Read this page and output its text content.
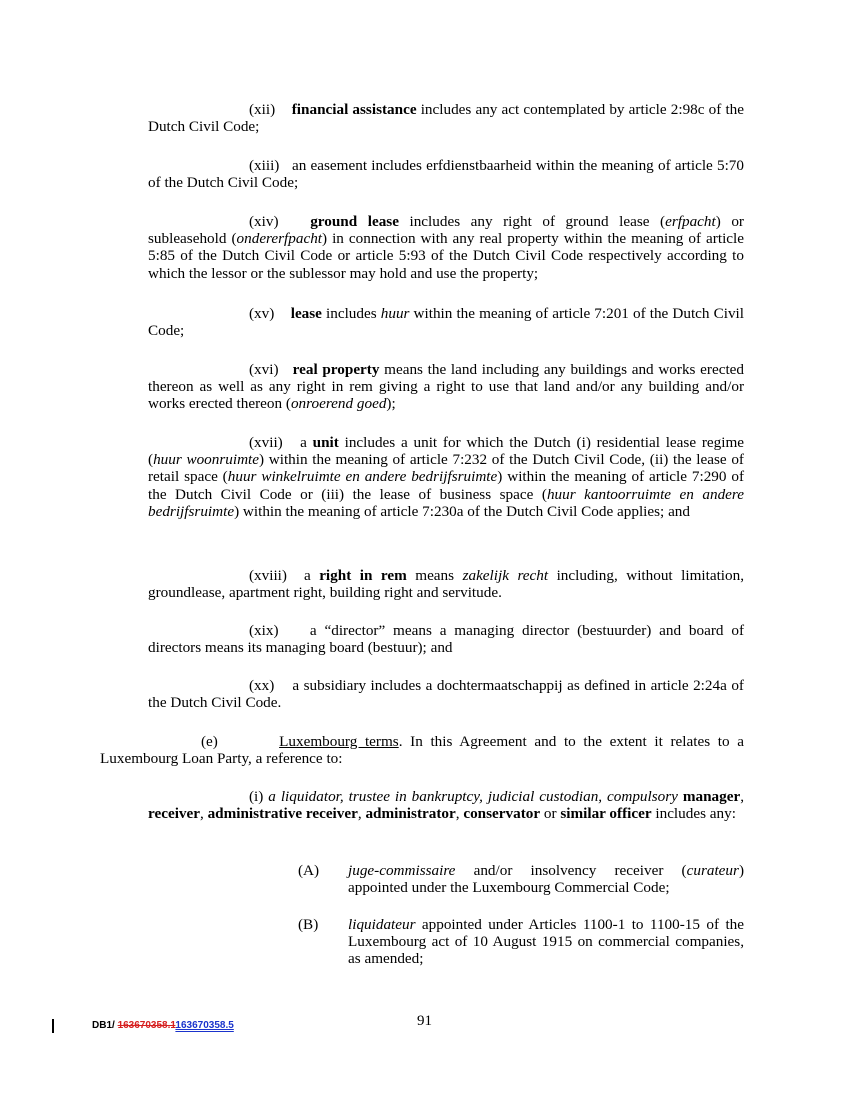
(xii) financial assistance includes any act contemplated by article 2:98c of the Dutch Civil Code;

(xiii) an easement includes erfdienstbaarheid within the meaning of article 5:70 of the Dutch Civil Code;

(xiv) ground lease includes any right of ground lease (erfpacht) or subleasehold (ondererfpacht) in connection with any real property within the meaning of article 5:85 of the Dutch Civil Code or article 5:93 of the Dutch Civil Code respectively according to which the lessor or the sublessor may hold and use the property;

(xv) lease includes huur within the meaning of article 7:201 of the Dutch Civil Code;

(xvi) real property means the land including any buildings and works erected thereon as well as any right in rem giving a right to use that land and/or any building and/or works erected thereon (onroerend goed);

(xvii) a unit includes a unit for which the Dutch (i) residential lease regime (huur woonruimte) within the meaning of article 7:232 of the Dutch Civil Code, (ii) the lease of retail space (huur winkelruimte en andere bedrijfsruimte) within the meaning of article 7:290 of the Dutch Civil Code or (iii) the lease of business space (huur kantoorruimte en andere bedrijfsruimte) within the meaning of article 7:230a of the Dutch Civil Code applies; and

(xviii) a right in rem means zakelijk recht including, without limitation, groundlease, apartment right, building right and servitude.

(xix) a “director” means a managing director (bestuurder) and board of directors means its managing board (bestuur); and

(xx) a subsidiary includes a dochtermaatschappij as defined in article 2:24a of the Dutch Civil Code.

(e)	Luxembourg terms. In this Agreement and to the extent it relates to a Luxembourg Loan Party, a reference to:

(i) a liquidator, trustee in bankruptcy, judicial custodian, compulsory manager, receiver, administrative receiver, administrator, conservator or similar officer includes any:

(A)	juge-commissaire and/or insolvency receiver (curateur) appointed under the Luxembourg Commercial Code;
(B)	liquidateur appointed under Articles 1100-1 to 1100-15 of the Luxembourg act of 10 August 1915 on commercial companies, as amended;
DB1/ 163670358.1163670358.5	91
